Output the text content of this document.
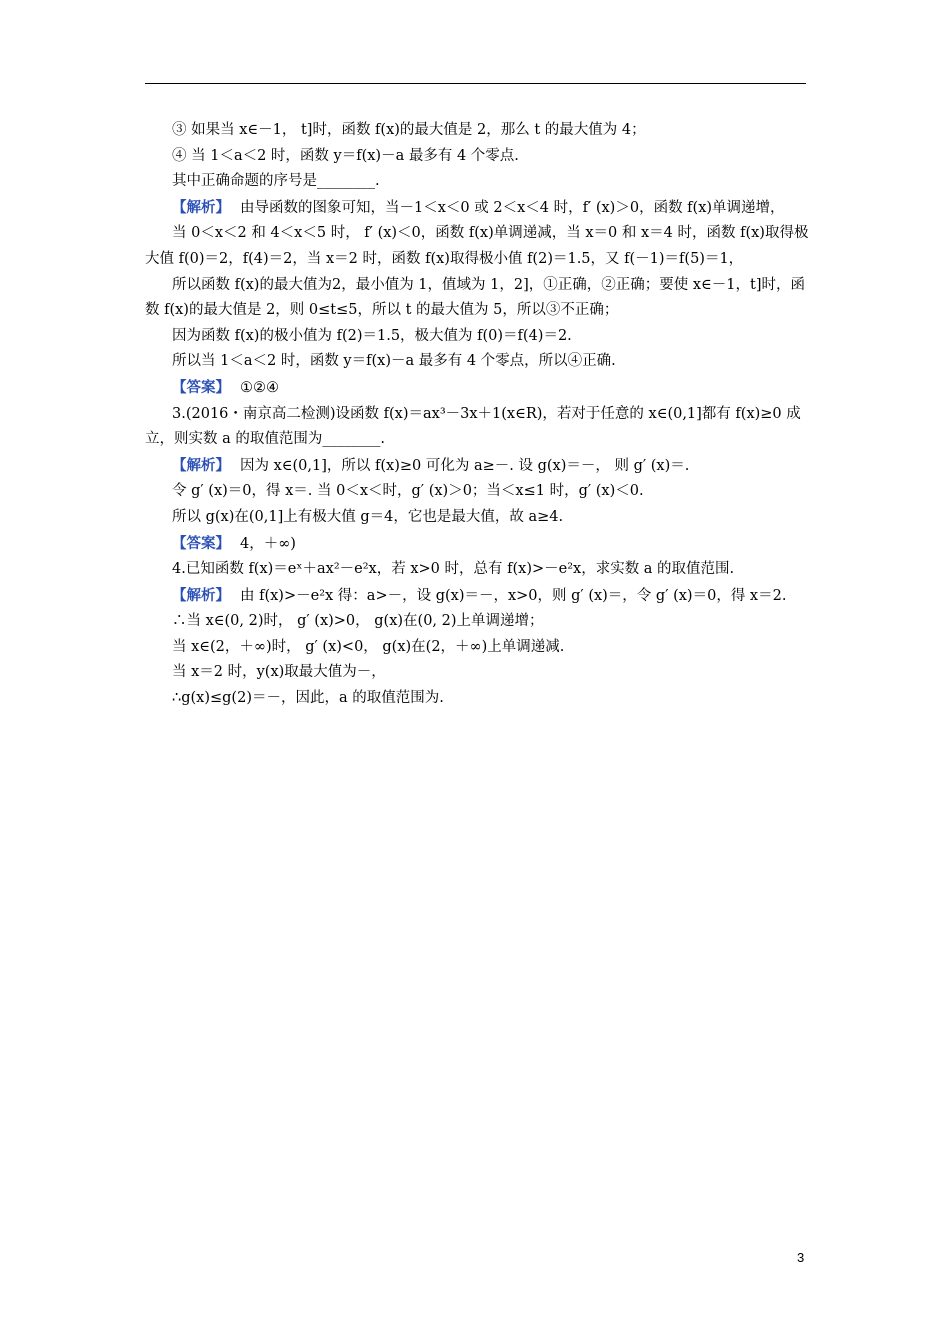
③ 如果当 x∈－1， t]时，函数 f(x)的最大值是 2，那么 t 的最大值为 4；

④ 当 1＜a＜2 时，函数 y＝f(x)－a 最多有 4 个零点.

其中正确命题的序号是________.

【解析】 由导函数的图象可知，当－1＜x＜0 或 2＜x＜4 时，f′ (x)＞0，函数 f(x)单调递增，

当 0＜x＜2 和 4＜x＜5 时， f′ (x)＜0，函数 f(x)单调递减，当 x＝0 和 x＝4 时，函数 f(x)取得极大值 f(0)＝2，f(4)＝2，当 x＝2 时，函数 f(x)取得极小值 f(2)＝1.5，又 f(－1)＝f(5)＝1，

所以函数 f(x)的最大值为2，最小值为 1，值域为 1，2]，①正确，②正确；要使 x∈－1，t]时，函数 f(x)的最大值是 2，则 0≤t≤5，所以 t 的最大值为 5，所以③不正确；

因为函数 f(x)的极小值为 f(2)＝1.5，极大值为 f(0)＝f(4)＝2.

所以当 1＜a＜2 时，函数 y＝f(x)－a 最多有 4 个零点，所以④正确.

【答案】 ①②④

3.(2016・南京高二检测)设函数 f(x)＝ax³－3x＋1(x∈R)，若对于任意的 x∈(0,1]都有 f(x)≥0 成立，则实数 a 的取值范围为________.

【解析】 因为 x∈(0,1]，所以 f(x)≥0 可化为 a≥－. 设 g(x)＝－， 则 g′ (x)＝.

令 g′ (x)＝0，得 x＝. 当 0＜x＜时，g′ (x)＞0；当＜x≤1 时，g′ (x)＜0.

所以 g(x)在(0,1]上有极大值 g＝4，它也是最大值，故 a≥4.

【答案】 4，＋∞)

4.已知函数 f(x)＝eˣ＋ax²－e²x，若 x>0 时，总有 f(x)>－e²x，求实数 a 的取值范围.

【解析】 由 f(x)>－e²x 得：a>－，设 g(x)＝－，x>0，则 g′ (x)＝，令 g′ (x)＝0，得 x＝2.

∴当 x∈(0, 2)时， g′ (x)>0， g(x)在(0, 2)上单调递增；

当 x∈(2，＋∞)时， g′ (x)<0， g(x)在(2，＋∞)上单调递减.

当 x＝2 时，y(x)取最大值为－，

∴g(x)≤g(2)＝－，因此，a 的取值范围为.

3
